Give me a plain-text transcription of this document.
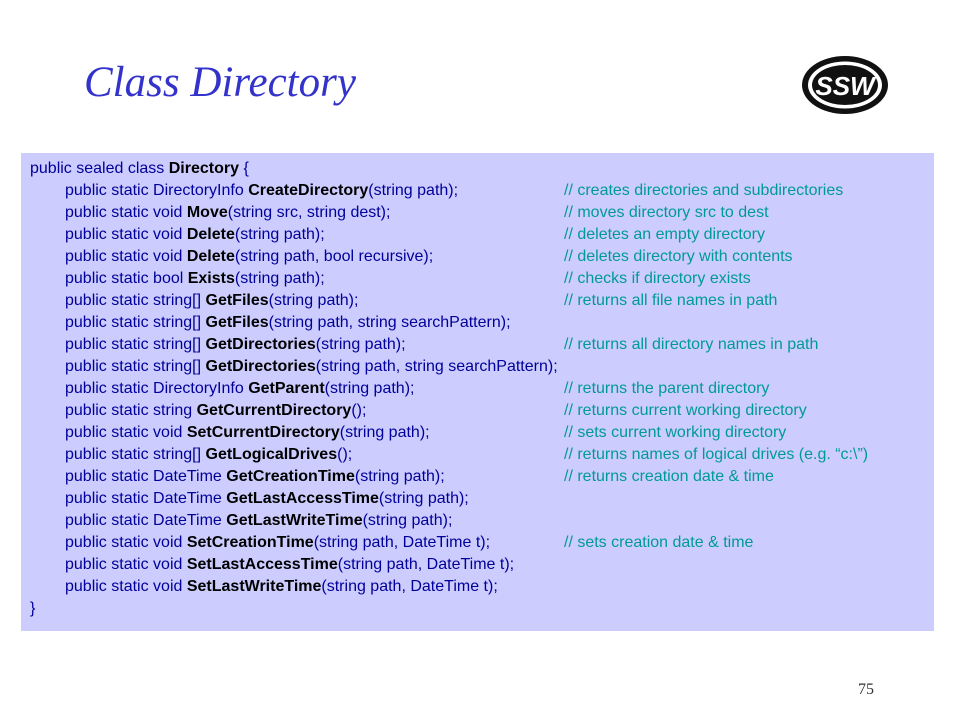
Class Directory	SSW
public sealed class Directory {
public static DirectoryInfo CreateDirectory(string path);	// creates directories and subdirectories
public static void Move(string src, string dest);	// moves directory src to dest
public static void Delete(string path);	// deletes an empty directory
public static void Delete(string path, bool recursive);	// deletes directory with contents
public static bool Exists(string path);	// checks if directory exists
public static string[] GetFiles(string path);	// returns all file names in path
public static string[] GetFiles(string path, string searchPattern);
public static string[] GetDirectories(string path);	// returns all directory names in path
public static string[] GetDirectories(string path, string searchPattern);
public static DirectoryInfo GetParent(string path);	// returns the parent directory
public static string GetCurrentDirectory();	// returns current working directory
public static void SetCurrentDirectory(string path);	// sets current working directory
public static string[] GetLogicalDrives();	// returns names of logical drives (e.g. “c:\”)
public static DateTime GetCreationTime(string path);	// returns creation date & time
public static DateTime GetLastAccessTime(string path);
public static DateTime GetLastWriteTime(string path);
public static void SetCreationTime(string path, DateTime t);	// sets creation date & time
public static void SetLastAccessTime(string path, DateTime t);
public static void SetLastWriteTime(string path, DateTime t);
}
75
